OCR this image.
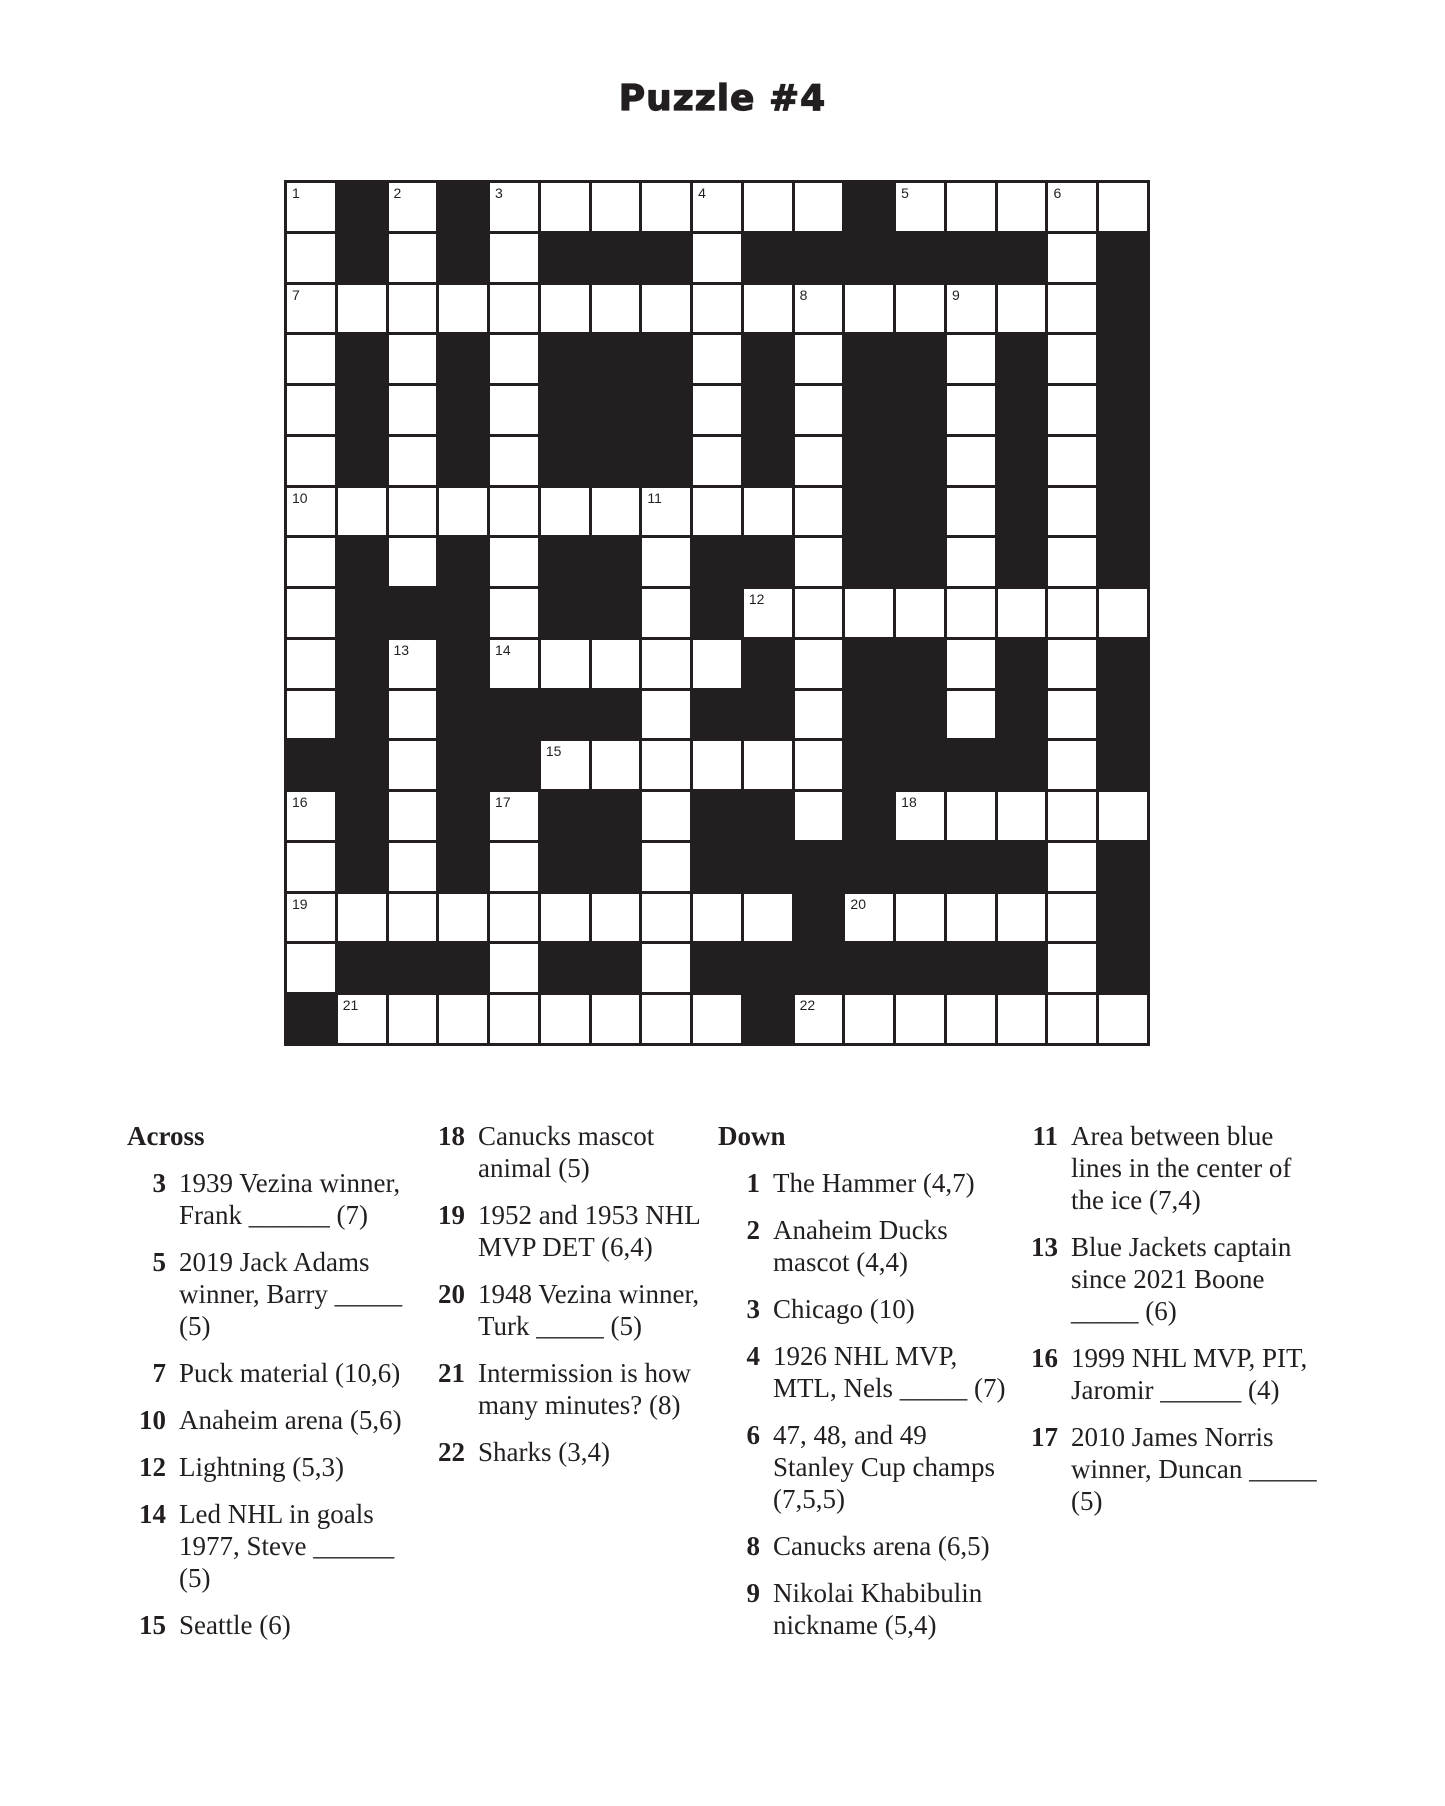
Puzzle #4
1	2	3	4	5	6
7	8	9
10	11
12
13	14
15
16	17	18
19	20
21	22
Across
3 1939 Vezina winner, Frank ______ (7)
5 2019 Jack Adams winner, Barry _____ (5)
7 Puck material (10,6)
10 Anaheim arena (5,6)
12 Lightning (5,3)
14 Led NHL in goals 1977, Steve ______ (5)
15 Seattle (6)
18 Canucks mascot animal (5)
19 1952 and 1953 NHL MVP DET (6,4)
20 1948 Vezina winner, Turk _____ (5)
21 Intermission is how many minutes? (8)
22 Sharks (3,4)
Down
1 The Hammer (4,7)
2 Anaheim Ducks mascot (4,4)
3 Chicago (10)
4 1926 NHL MVP, MTL, Nels _____ (7)
6 47, 48, and 49 Stanley Cup champs (7,5,5)
8 Canucks arena (6,5)
9 Nikolai Khabibulin nickname (5,4)
11 Area between blue lines in the center of the ice (7,4)
13 Blue Jackets captain since 2021 Boone _____ (6)
16 1999 NHL MVP, PIT, Jaromir ______ (4)
17 2010 James Norris winner, Duncan _____ (5)
